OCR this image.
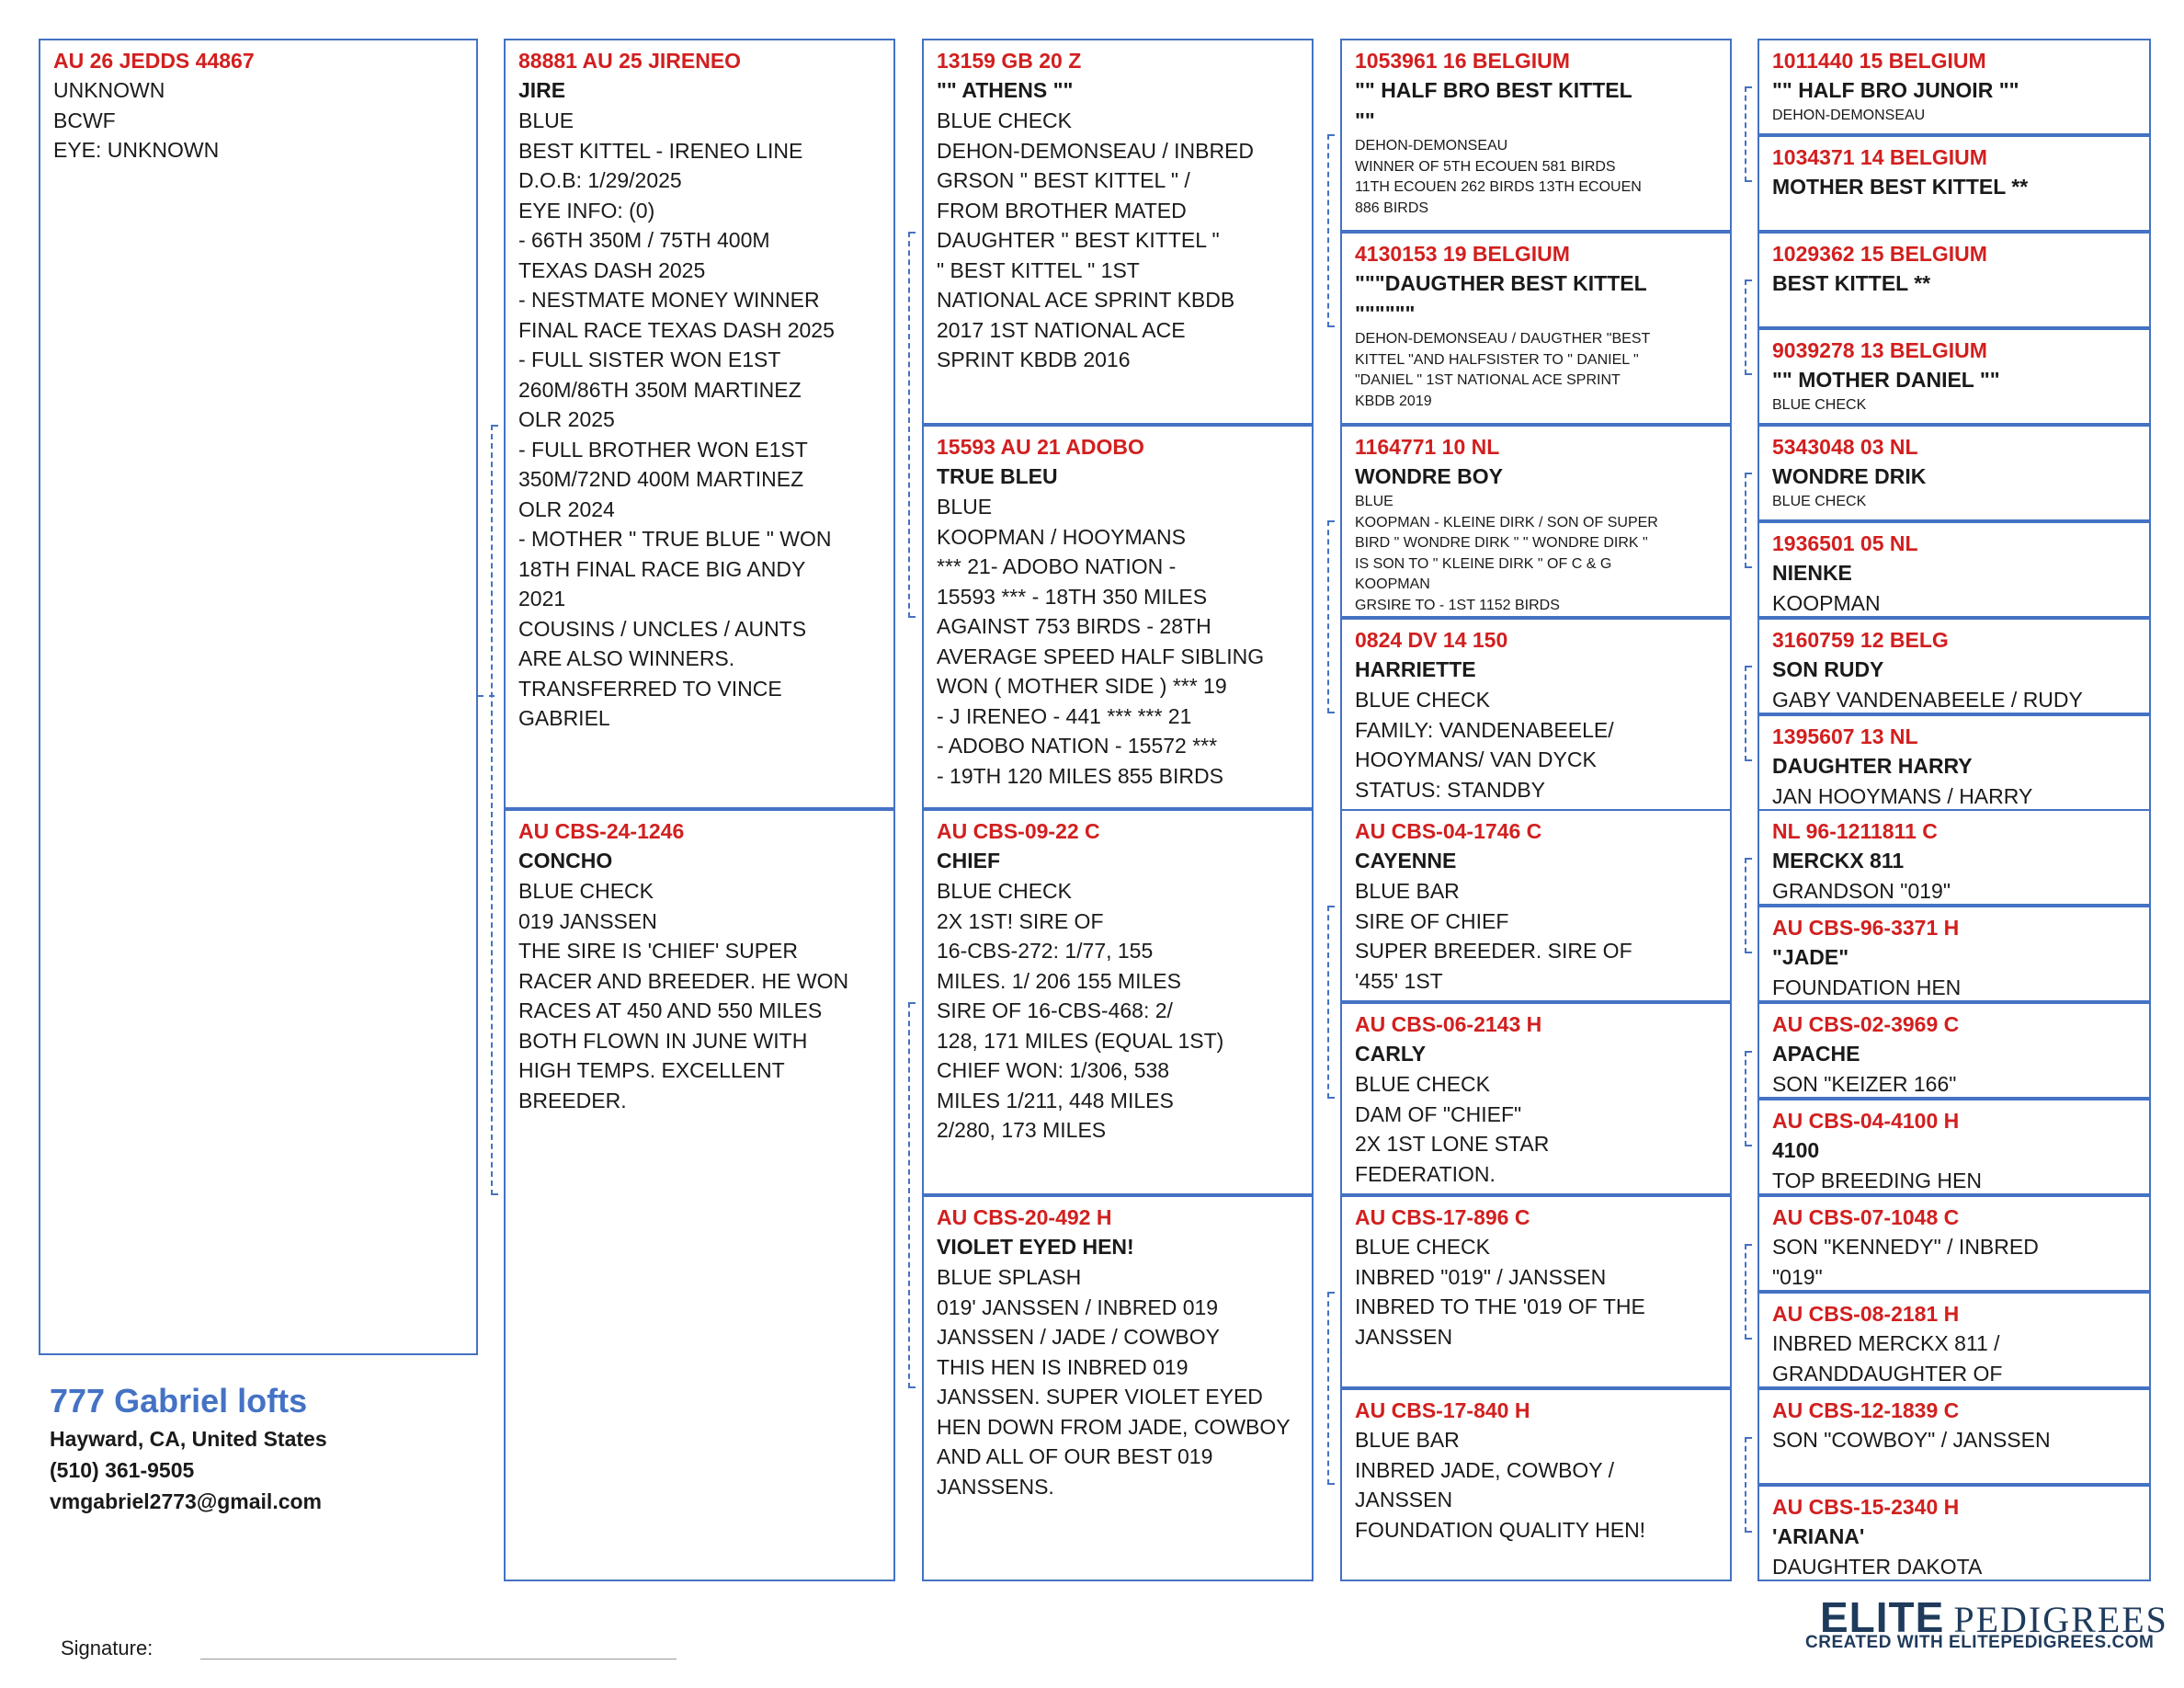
AU 26 JEDDS 44867
UNKNOWN
BCWF
EYE: UNKNOWN
88881 AU 25 JIRENEO
JIRE
BLUE
BEST KITTEL - IRENEO LINE
D.O.B: 1/29/2025
EYE INFO: (0)
- 66TH 350M / 75TH 400M
TEXAS DASH 2025
- NESTMATE MONEY WINNER
FINAL RACE TEXAS DASH 2025
- FULL SISTER WON E1ST
260M/86TH 350M MARTINEZ
OLR 2025
- FULL BROTHER WON E1ST
350M/72ND 400M MARTINEZ
OLR 2024
- MOTHER " TRUE BLUE " WON
18TH FINAL RACE BIG ANDY
2021
COUSINS / UNCLES / AUNTS
ARE ALSO WINNERS.
TRANSFERRED TO VINCE
GABRIEL
AU CBS-24-1246
CONCHO
BLUE CHECK
019 JANSSEN
THE SIRE IS 'CHIEF' SUPER
RACER AND BREEDER. HE WON
RACES AT 450 AND 550 MILES
BOTH FLOWN IN JUNE WITH
HIGH TEMPS. EXCELLENT
BREEDER.
13159 GB 20 Z
"" ATHENS ""
BLUE CHECK
DEHON-DEMONSEAU / INBRED
GRSON " BEST KITTEL " /
FROM BROTHER MATED
DAUGHTER " BEST KITTEL "
" BEST KITTEL " 1ST
NATIONAL ACE SPRINT KBDB
2017 1ST NATIONAL ACE
SPRINT KBDB 2016
15593 AU 21 ADOBO
TRUE BLEU
BLUE
KOOPMAN / HOOYMANS
*** 21- ADOBO NATION -
15593 *** - 18TH 350 MILES
AGAINST 753 BIRDS - 28TH
AVERAGE SPEED HALF SIBLING
WON ( MOTHER SIDE ) *** 19
- J IRENEO - 441 *** *** 21
- ADOBO NATION - 15572 ***
- 19TH 120 MILES 855 BIRDS
AU CBS-09-22 C
CHIEF
BLUE CHECK
2X 1ST! SIRE OF
16-CBS-272: 1/77, 155
MILES. 1/ 206 155 MILES
SIRE OF 16-CBS-468: 2/
128, 171 MILES (EQUAL 1ST)
CHIEF WON: 1/306, 538
MILES 1/211, 448 MILES
2/280, 173 MILES
AU CBS-20-492 H
VIOLET EYED HEN!
BLUE SPLASH
019' JANSSEN / INBRED 019
JANSSEN / JADE / COWBOY
THIS HEN IS INBRED 019
JANSSEN. SUPER VIOLET EYED
HEN DOWN FROM JADE, COWBOY
AND ALL OF OUR BEST 019
JANSSENS.
1053961 16 BELGIUM
"" HALF BRO BEST KITTEL
""
DEHON-DEMONSEAU
WINNER OF 5TH ECOUEN 581 BIRDS
11TH ECOUEN 262 BIRDS 13TH ECOUEN
886 BIRDS
4130153 19 BELGIUM
"""DAUGTHER BEST KITTEL
""""""
DEHON-DEMONSEAU / DAUGTHER "BEST
KITTEL "AND HALFSISTER TO " DANIEL "
"DANIEL " 1ST NATIONAL ACE SPRINT
KBDB 2019
1164771 10 NL
WONDRE BOY
BLUE
KOOPMAN - KLEINE DIRK / SON OF SUPER
BIRD " WONDRE DIRK " " WONDRE DIRK "
IS SON TO " KLEINE DIRK " OF C & G
KOOPMAN
GRSIRE TO - 1ST 1152 BIRDS
0824 DV 14 150
HARRIETTE
BLUE CHECK
FAMILY: VANDENABEELE/
HOOYMANS/ VAN DYCK
STATUS: STANDBY
AU CBS-04-1746 C
CAYENNE
BLUE BAR
SIRE OF CHIEF
SUPER BREEDER. SIRE OF
'455' 1ST
AU CBS-06-2143 H
CARLY
BLUE CHECK
DAM OF "CHIEF"
2X 1ST LONE STAR
FEDERATION.
AU CBS-17-896 C
BLUE CHECK
INBRED "019" / JANSSEN
INBRED TO THE '019 OF THE
JANSSEN
AU CBS-17-840 H
BLUE BAR
INBRED JADE, COWBOY /
JANSSEN
FOUNDATION QUALITY HEN!
1011440 15 BELGIUM
"" HALF BRO JUNOIR ""
DEHON-DEMONSEAU
1034371 14 BELGIUM
MOTHER BEST KITTEL **
1029362 15 BELGIUM
BEST KITTEL **
9039278 13 BELGIUM
"" MOTHER DANIEL ""
BLUE CHECK
5343048 03 NL
WONDRE DRIK
BLUE CHECK
1936501 05 NL
NIENKE
KOOPMAN
3160759 12 BELG
SON RUDY
GABY VANDENABEELE / RUDY
1395607 13 NL
DAUGHTER HARRY
JAN HOOYMANS / HARRY
NL 96-1211811 C
MERCKX 811
GRANDSON "019"
AU CBS-96-3371 H
"JADE"
FOUNDATION HEN
AU CBS-02-3969 C
APACHE
SON "KEIZER 166"
AU CBS-04-4100 H
4100
TOP BREEDING HEN
AU CBS-07-1048 C
SON "KENNEDY" / INBRED
"019"
AU CBS-08-2181 H
INBRED MERCKX 811 /
GRANDDAUGHTER OF
AU CBS-12-1839 C
SON "COWBOY" / JANSSEN
AU CBS-15-2340 H
'ARIANA'
DAUGHTER DAKOTA
777 Gabriel lofts
Hayward, CA, United States
(510) 361-9505
vmgabriel2773@gmail.com
Signature:
ELITE PEDIGREES
CREATED WITH ELITEPEDIGREES.COM
